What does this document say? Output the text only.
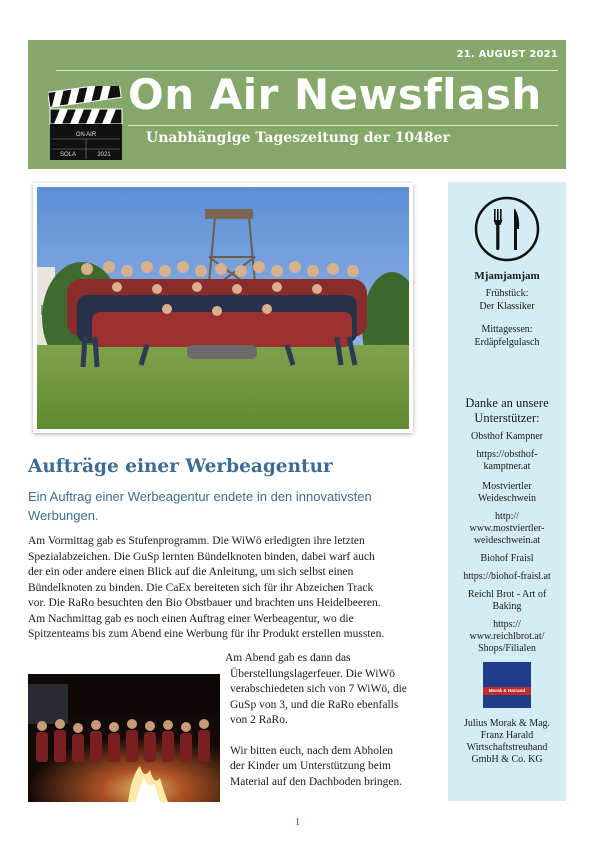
21. AUGUST 2021
On Air Newsflash
Unabhängige Tageszeitung der 1048er
ON AIR
SOLA	2021
Aufträge einer Werbeagentur
Ein Auftrag einer Werbeagentur endete in den innovativsten Werbungen.

Am Vormittag gab es Stufenprogramm. Die WiWö erledigten ihre letzten

Spezialabzeichen. Die GuSp lernten Bündelknoten binden, dabei warf auch

der ein oder andere einen Blick auf die Anleitung, um sich selbst einen

Bündelknoten zu binden. Die CaEx bereiteten sich für ihr Abzeichen Track

vor. Die RaRo besuchten den Bio Obstbauer und brachten uns Heidelbeeren.

Am Nachmittag gab es noch einen Auftrag einer Werbeagentur, wo die

Spitzenteams bis zum Abend eine Werbung für ihr Produkt erstellen mussten.

Am Abend gab es dann das

Überstellungslagerfeuer. Die WiWö

verabschiedeten sich von 7 WiWö, die

GuSp von 3, und die RaRo ebenfalls

von 2 RaRo.

Wir bitten euch, nach dem Abholen

der Kinder um Unterstützung beim

Material auf den Dachboden bringen.

Mjamjamjam
Frühstück:
Der Klassiker
Mittagessen:
Erdäpfelgulasch
Danke an unsere
Unterstützer:
Obsthof Kampner
https://obsthof-
kamptner.at
Mostviertler
Weideschwein
http://
www.mostviertler-
weideschwein.at
Biohof Fraisl
https://biohof-fraisl.at
Reichl Brot - Art of
Baking
https://
www.reichlbrot.at/
Shops/Filialen
Morak & Harrand
Julius Morak & Mag.
Franz Harald
Wirtschaftstreuhand
GmbH & Co. KG
1
